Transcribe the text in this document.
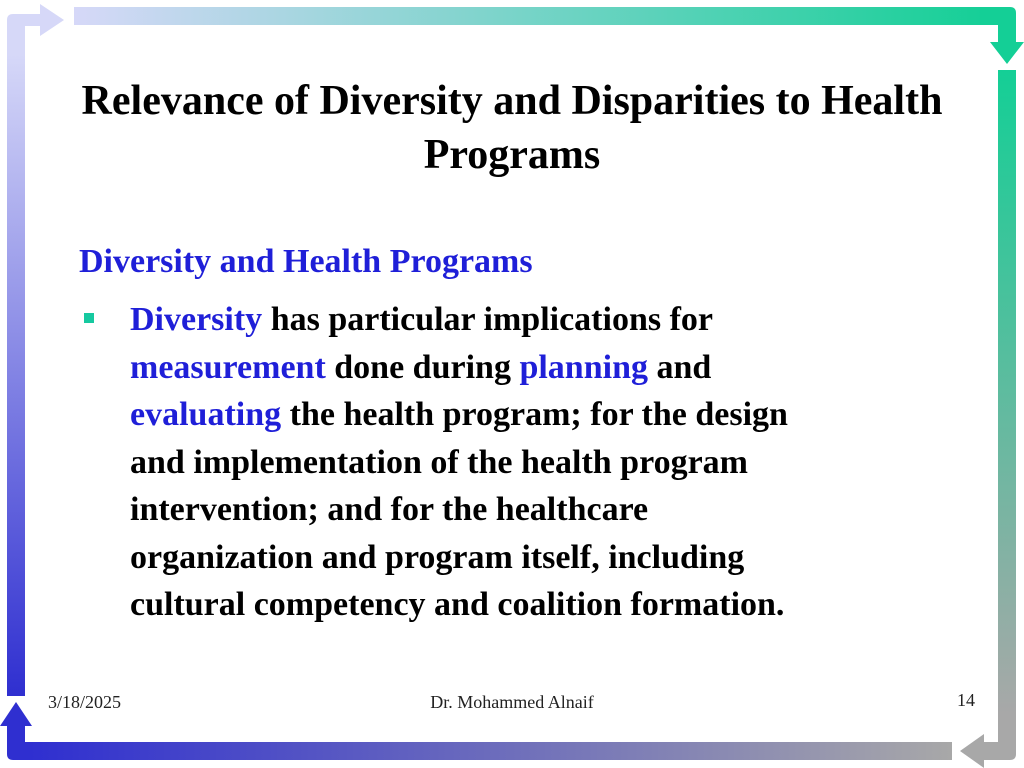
Relevance of Diversity and Disparities to Health Programs
Diversity and Health Programs
Diversity has particular implications for
measurement done during planning and
evaluating the health program; for the design
and implementation of the health program
intervention; and for the healthcare
organization and program itself, including
cultural competency and coalition formation.
3/18/2025	Dr. Mohammed Alnaif	14
